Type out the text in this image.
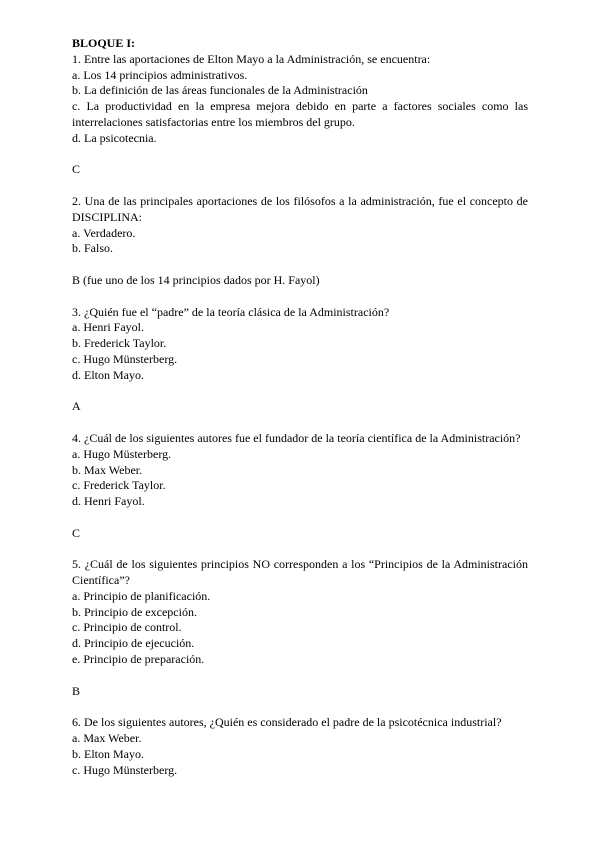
BLOQUE I:

1. Entre las aportaciones de Elton Mayo a la Administración, se encuentra:

a. Los 14 principios administrativos.

b. La definición de las áreas funcionales de la Administración

c. La productividad en la empresa mejora debido en parte a factores sociales como las interrelaciones satisfactorias entre los miembros del grupo.

d. La psicotecnia.

C

2. Una de las principales aportaciones de los filósofos a la administración, fue el concepto de DISCIPLINA:

a. Verdadero.

b. Falso.

B (fue uno de los 14 principios dados por H. Fayol)

3. ¿Quién fue el “padre” de la teoría clásica de la Administración?

a. Henri Fayol.

b. Frederick Taylor.

c. Hugo Münsterberg.

d. Elton Mayo.

A

4. ¿Cuál de los siguientes autores fue el fundador de la teoría científica de la Administración?

a. Hugo Müsterberg.

b. Max Weber.

c. Frederick Taylor.

d. Henri Fayol.

C

5. ¿Cuál de los siguientes principios NO corresponden a los “Principios de la Administración Científica”?

a. Principio de planificación.

b. Principio de excepción.

c. Principio de control.

d. Principio de ejecución.

e. Principio de preparación.

B

6. De los siguientes autores, ¿Quién es considerado el padre de la psicotécnica industrial?

a. Max Weber.

b. Elton Mayo.

c. Hugo Münsterberg.
